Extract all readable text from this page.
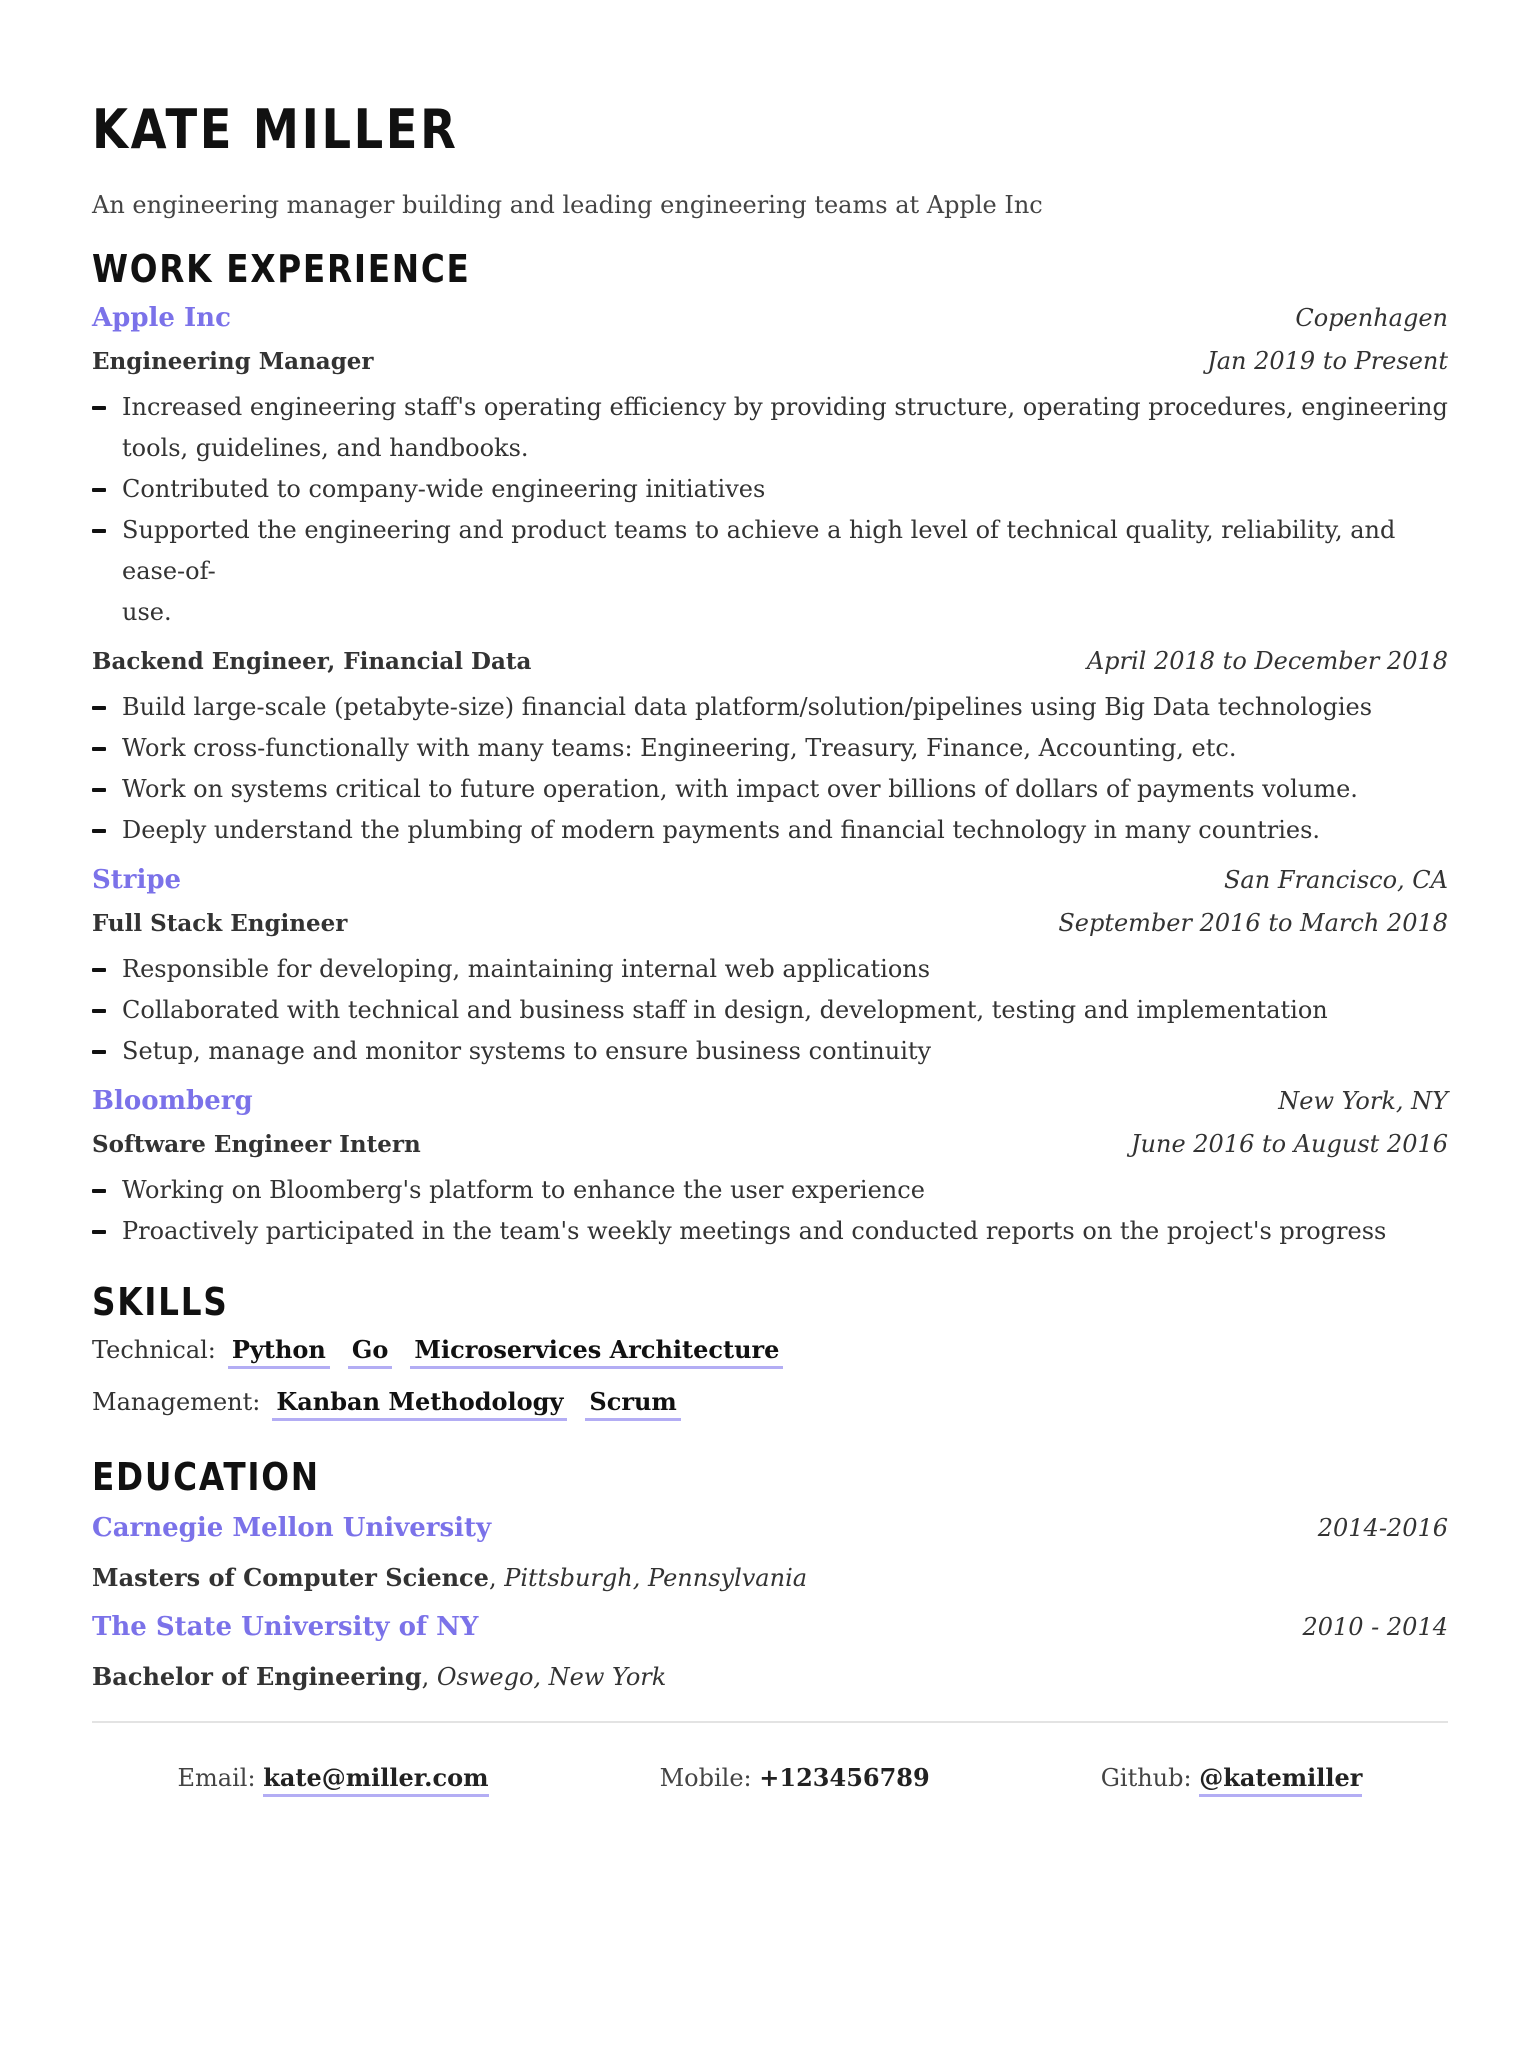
KATE MILLER
An engineering manager building and leading engineering teams at Apple Inc
WORK EXPERIENCE
Apple Inc	Copenhagen
Engineering Manager	Jan 2019 to Present
Increased engineering staff's operating efficiency by providing structure, operating procedures, engineering
tools, guidelines, and handbooks.
Contributed to company-wide engineering initiatives
Supported the engineering and product teams to achieve a high level of technical quality, reliability, and ease-of-
use.
Backend Engineer, Financial Data	April 2018 to December 2018
Build large-scale (petabyte-size) financial data platform/solution/pipelines using Big Data technologies
Work cross-functionally with many teams: Engineering, Treasury, Finance, Accounting, etc.
Work on systems critical to future operation, with impact over billions of dollars of payments volume.
Deeply understand the plumbing of modern payments and financial technology in many countries.
Stripe	San Francisco, CA
Full Stack Engineer	September 2016 to March 2018
Responsible for developing, maintaining internal web applications
Collaborated with technical and business staff in design, development, testing and implementation
Setup, manage and monitor systems to ensure business continuity
Bloomberg	New York, NY
Software Engineer Intern	June 2016 to August 2016
Working on Bloomberg's platform to enhance the user experience
Proactively participated in the team's weekly meetings and conducted reports on the project's progress
SKILLS
Technical: Python Go Microservices Architecture
Management: Kanban Methodology Scrum
EDUCATION
Carnegie Mellon University	2014-2016
Masters of Computer Science, Pittsburgh, Pennsylvania
The State University of NY	2010 - 2014
Bachelor of Engineering, Oswego, New York
Email: kate@miller.com	Mobile: +123456789	Github: @katemiller
